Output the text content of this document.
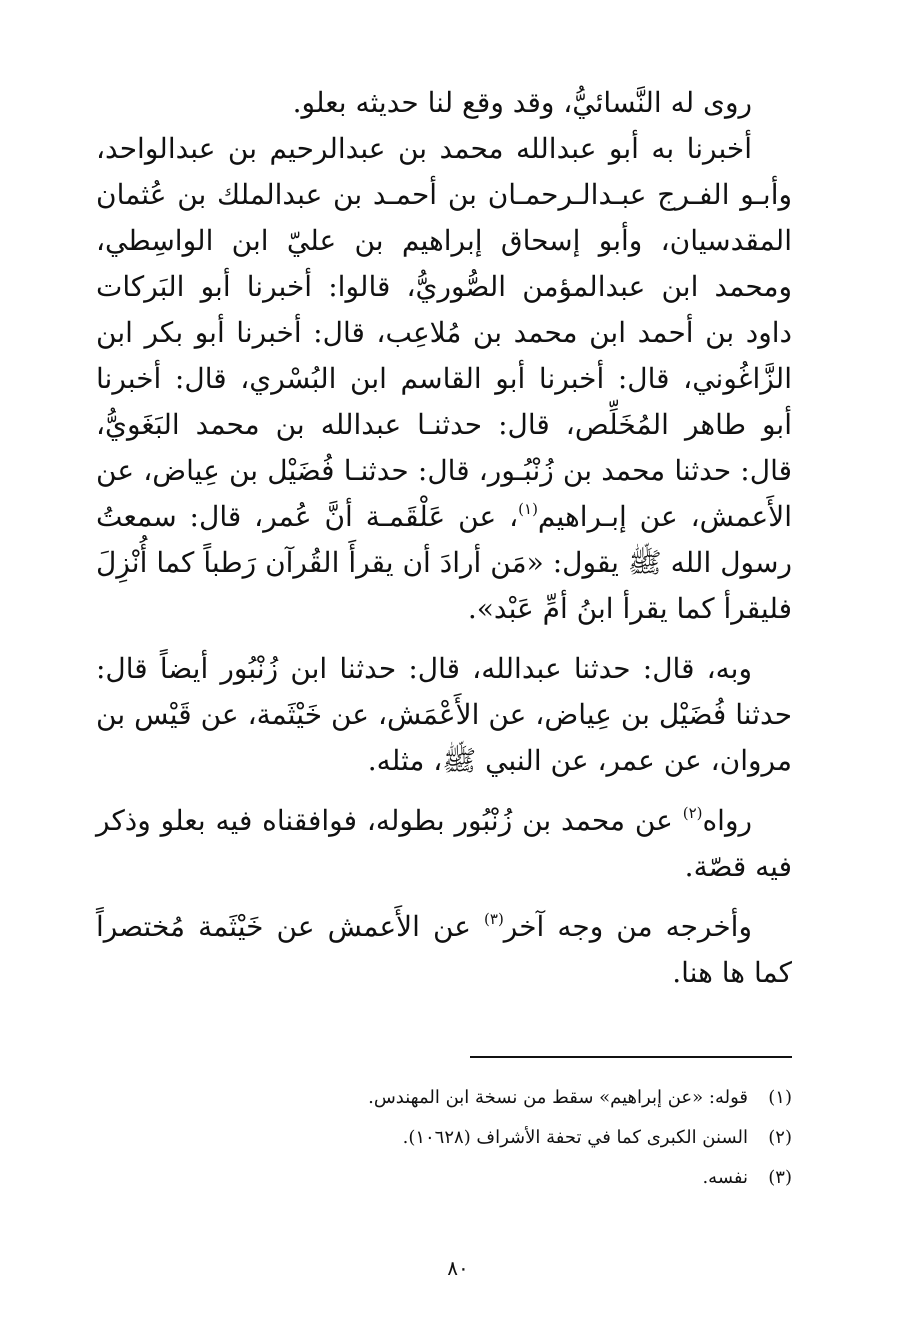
روى له النَّسائيُّ، وقد وقع لنا حديثه بعلو.

أخبرنا به أبو عبدالله محمد بن عبدالرحيم بن عبدالواحد، وأبـو الفـرج عبـدالـرحمـان بن أحمـد بن عبدالملك بن عُثمان المقدسيان، وأبو إسحاق إبراهيم بن عليّ ابن الواسِطي، ومحمد ابن عبدالمؤمن الصُّوريُّ، قالوا: أخبرنا أبو البَركات داود بن أحمد ابن محمد بن مُلاعِب، قال: أخبرنا أبو بكر ابن الزَّاغُوني، قال: أخبرنا أبو القاسم ابن البُسْري، قال: أخبرنا أبو طاهر المُخَلِّص، قال: حدثنـا عبدالله بن محمد البَغَويُّ، قال: حدثنا محمد بن زُنْبُـور، قال: حدثنـا فُضَيْل بن عِياض، عن الأَعمش، عن إبـراهيم$^{(١)}$، عن عَلْقَمـة أنَّ عُمر، قال: سمعتُ رسول الله ﷺ يقول: «مَن أرادَ أن يقرأَ القُرآن رَطباً كما أُنْزِلَ فليقرأ كما يقرأ ابنُ أمِّ عَبْد».

وبه، قال: حدثنا عبدالله، قال: حدثنا ابن زُنْبُور أيضاً قال: حدثنا فُضَيْل بن عِياض، عن الأَعْمَش، عن خَيْثَمة، عن قَيْس بن مروان، عن عمر، عن النبي ﷺ، مثله.

رواه$^{(٢)}$ عن محمد بن زُنْبُور بطوله، فوافقناه فيه بعلو وذكر فيه قصّة.

وأخرجه من وجه آخر$^{(٣)}$ عن الأَعمش عن خَيْثَمة مُختصراً كما ها هنا.

(١)
قوله: «عن إبراهيم» سقط من نسخة ابن المهندس.
(٢)
السنن الكبرى كما في تحفة الأشراف (١٠٦٢٨).
(٣)
نفسه.
٨٠
